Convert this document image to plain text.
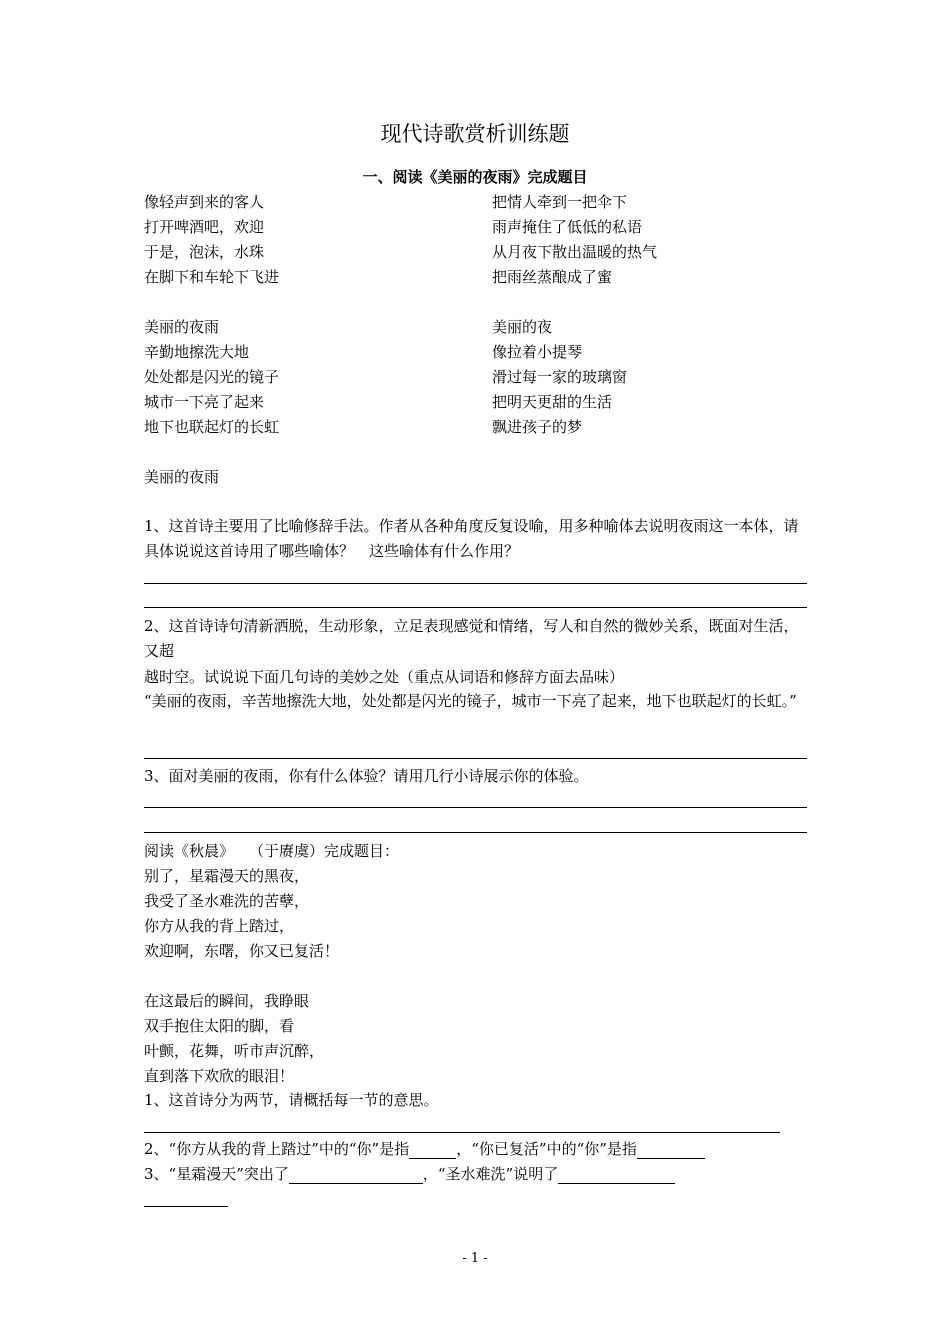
现代诗歌赏析训练题
一、阅读《美丽的夜雨》完成题目
像轻声到来的客人
打开啤酒吧，欢迎
于是，泡沫，水珠
在脚下和车轮下飞进
把情人牵到一把伞下
雨声掩住了低低的私语
从月夜下散出温暖的热气
把雨丝蒸酿成了蜜
美丽的夜雨
辛勤地擦洗大地
处处都是闪光的镜子
城市一下亮了起来
地下也联起灯的长虹
美丽的夜
像拉着小提琴
滑过每一家的玻璃窗
把明天更甜的生活
飘进孩子的梦
美丽的夜雨
1、这首诗主要用了比喻修辞手法。作者从各种角度反复设喻，用多种喻体去说明夜雨这一本体，请具体说说这首诗用了哪些喻体？　这些喻体有什么作用？
2、这首诗诗句清新洒脱，生动形象，立足表现感觉和情绪，写人和自然的微妙关系，既面对生活，又超
越时空。试说说下面几句诗的美妙之处（重点从词语和修辞方面去品味）
“美丽的夜雨，辛苦地擦洗大地，处处都是闪光的镜子，城市一下亮了起来，地下也联起灯的长虹。”
3、面对美丽的夜雨，你有什么体验？请用几行小诗展示你的体验。
阅读《秋晨》　　（于赓虞）完成题目：
别了，星霜漫天的黑夜，
我受了圣水难洗的苦孽，
你方从我的背上踏过，
欢迎啊，东曙，你又已复活！
在这最后的瞬间，我睁眼
双手抱住太阳的脚，看
叶颤，花舞，听市声沉醉，
直到落下欢欣的眼泪！
1、这首诗分为两节，请概括每一节的意思。
2、“你方从我的背上踏过”中的“你”是指	，“你已复活”中的“你”是指
3、“星霜漫天”突出了	，“圣水难洗”说明了
- 1 -
